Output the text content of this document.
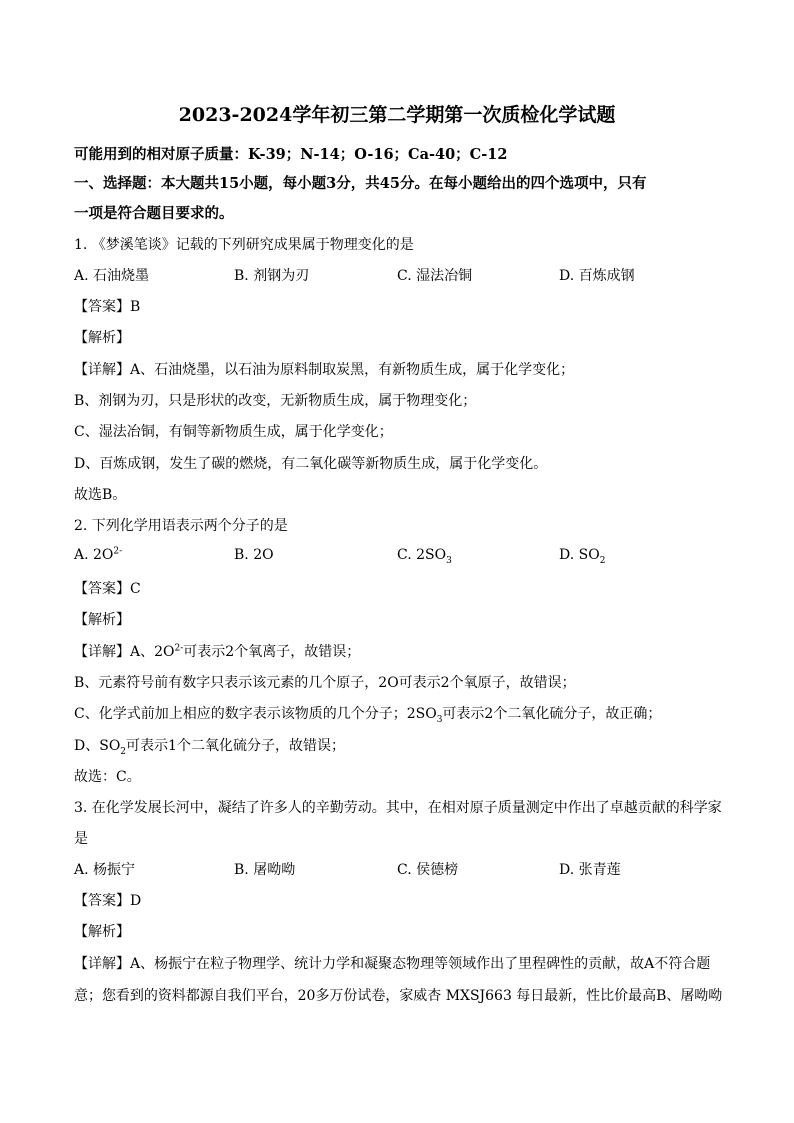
2023-2024学年初三第二学期第一次质检化学试题
可能用到的相对原子质量：K-39；N-14；O-16；Ca-40；C-12
一、选择题：本大题共15小题，每小题3分，共45分。在每小题给出的四个选项中，只有
一项是符合题目要求的。
1. 《梦溪笔谈》记载的下列研究成果属于物理变化的是
A. 石油烧墨	B. 剂钢为刃	C. 湿法冶铜	D. 百炼成钢
【答案】B
【解析】
【详解】A、石油烧墨，以石油为原料制取炭黑，有新物质生成，属于化学变化；
B、剂钢为刃，只是形状的改变，无新物质生成，属于物理变化；
C、湿法冶铜，有铜等新物质生成，属于化学变化；
D、百炼成钢，发生了碳的燃烧，有二氧化碳等新物质生成，属于化学变化。
故选B。
2. 下列化学用语表示两个分子的是
A. $2O^{2-}$	B. 2O	C. $2SO_3$	D. $SO_2$
【答案】C
【解析】
【详解】A、$2O^{2-}$可表示2个氧离子，故错误；
B、元素符号前有数字只表示该元素的几个原子，2O可表示2个氧原子，故错误；
C、化学式前加上相应的数字表示该物质的几个分子；$2SO_3$可表示2个二氧化硫分子，故正确；
D、$SO_2$可表示1个二氧化硫分子，故错误；
故选：C。
3. 在化学发展长河中，凝结了许多人的辛勤劳动。其中，在相对原子质量测定中作出了卓越贡献的科学家
是
A. 杨振宁	B. 屠呦呦	C. 侯德榜	D. 张青莲
【答案】D
【解析】
【详解】A、杨振宁在粒子物理学、统计力学和凝聚态物理等领域作出了里程碑性的贡献，故A不符合题
意；您看到的资料都源自我们平台，20多万份试卷，家威杏 MXSJ663 每日最新，性比价最高B、屠呦呦
